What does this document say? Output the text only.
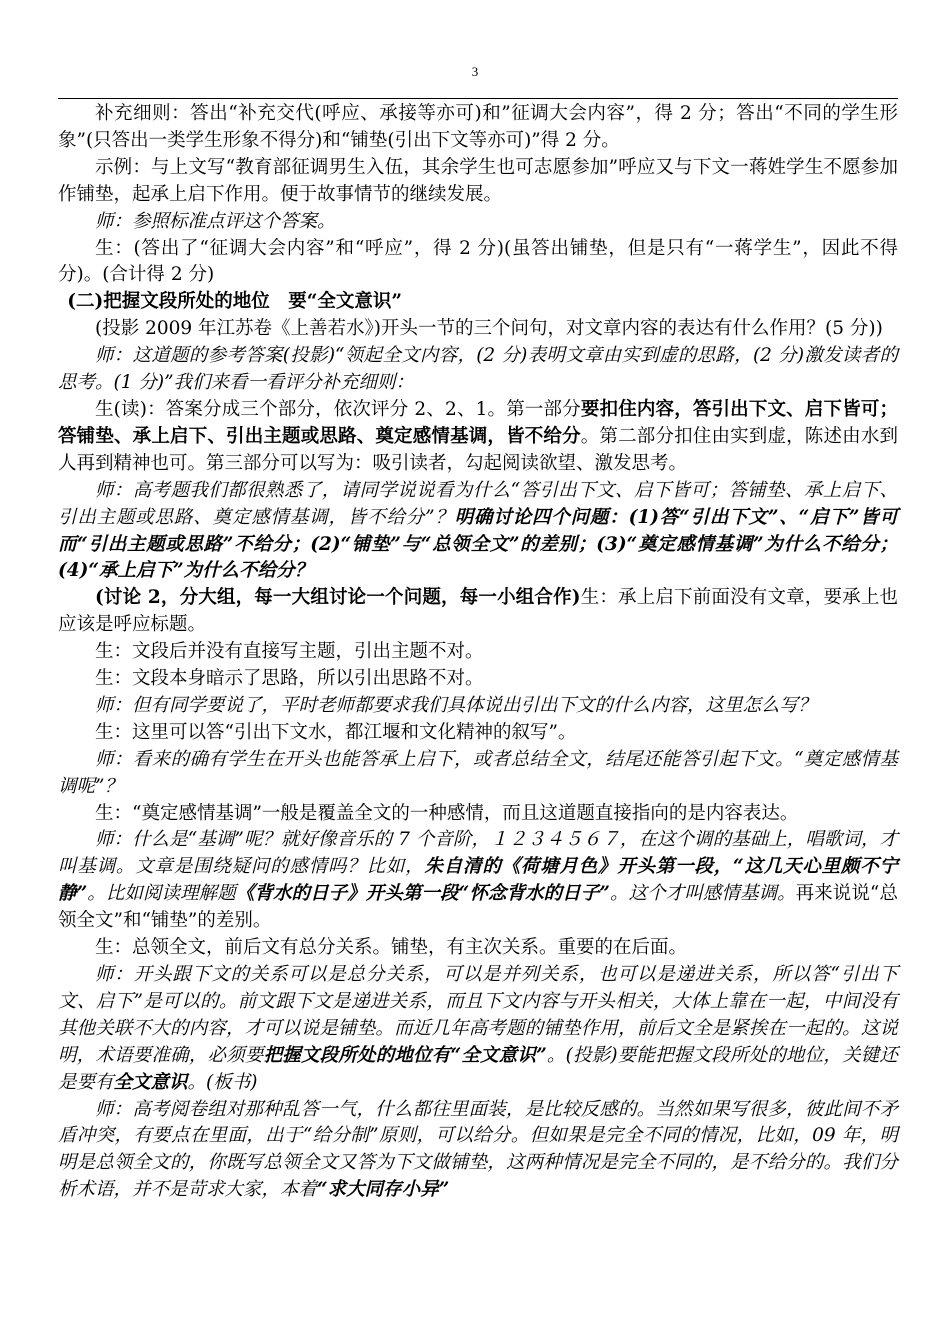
3

补充细则：答出“补充交代(呼应、承接等亦可)和”征调大会内容”，得 2 分；答出“不同的学生形象”(只答出一类学生形象不得分)和“铺垫(引出下文等亦可)”得 2 分。

示例：与上文写“教育部征调男生入伍，其余学生也可志愿参加”呼应又与下文一蒋姓学生不愿参加作铺垫，起承上启下作用。便于故事情节的继续发展。

师：参照标准点评这个答案。

生：(答出了“征调大会内容”和“呼应”，得 2 分)(虽答出铺垫，但是只有“一蒋学生”，因此不得分)。(合计得 2 分)

(二)把握文段所处的地位　要“全文意识”

(投影 2009 年江苏卷《上善若水》)开头一节的三个问句，对文章内容的表达有什么作用？(5 分))

师：这道题的参考答案(投影)“领起全文内容，(2 分)表明文章由实到虚的思路，(2 分)激发读者的思考。(1 分)”我们来看一看评分补充细则：

生(读)：答案分成三个部分，依次评分 2、2、1。第一部分要扣住内容，答引出下文、启下皆可；答铺垫、承上启下、引出主题或思路、奠定感情基调，皆不给分。第二部分扣住由实到虚，陈述由水到人再到精神也可。第三部分可以写为：吸引读者，勾起阅读欲望、激发思考。

师：高考题我们都很熟悉了，请同学说说看为什么“答引出下文、启下皆可；答铺垫、承上启下、引出主题或思路、奠定感情基调，皆不给分”？明确讨论四个问题：(1)答“引出下文”、“启下”皆可而“引出主题或思路”不给分；(2)“铺垫”与“总领全文”的差别；(3)“奠定感情基调”为什么不给分；(4)“承上启下”为什么不给分？

(讨论 2，分大组，每一大组讨论一个问题，每一小组合作)生：承上启下前面没有文章，要承上也应该是呼应标题。

生：文段后并没有直接写主题，引出主题不对。

生：文段本身暗示了思路，所以引出思路不对。

师：但有同学要说了，平时老师都要求我们具体说出引出下文的什么内容，这里怎么写？

生：这里可以答“引出下文水，都江堰和文化精神的叙写”。

师：看来的确有学生在开头也能答承上启下，或者总结全文，结尾还能答引起下文。“奠定感情基调呢”？

生：“奠定感情基调”一般是覆盖全文的一种感情，而且这道题直接指向的是内容表达。

师：什么是“基调”呢？就好像音乐的 7 个音阶，１２３４５６７，在这个调的基础上，唱歌词，才叫基调。文章是围绕疑问的感情吗？比如，朱自清的《荷塘月色》开头第一段，“这几天心里颇不宁静”。比如阅读理解题《背水的日子》开头第一段“怀念背水的日子”。这个才叫感情基调。再来说说“总领全文”和“铺垫”的差别。

生：总领全文，前后文有总分关系。铺垫，有主次关系。重要的在后面。

师：开头跟下文的关系可以是总分关系，可以是并列关系，也可以是递进关系，所以答“引出下文、启下”是可以的。前文跟下文是递进关系，而且下文内容与开头相关，大体上靠在一起，中间没有其他关联不大的内容，才可以说是铺垫。而近几年高考题的铺垫作用，前后文全是紧挨在一起的。这说明，术语要准确，必须要把握文段所处的地位有“全文意识”。(投影)要能把握文段所处的地位，关键还是要有全文意识。(板书)

师：高考阅卷组对那种乱答一气，什么都往里面装，是比较反感的。当然如果写很多，彼此间不矛盾冲突，有要点在里面，出于“给分制”原则，可以给分。但如果是完全不同的情况，比如，09 年，明明是总领全文的，你既写总领全文又答为下文做铺垫，这两种情况是完全不同的，是不给分的。我们分析术语，并不是苛求大家，本着“求大同存小异”
